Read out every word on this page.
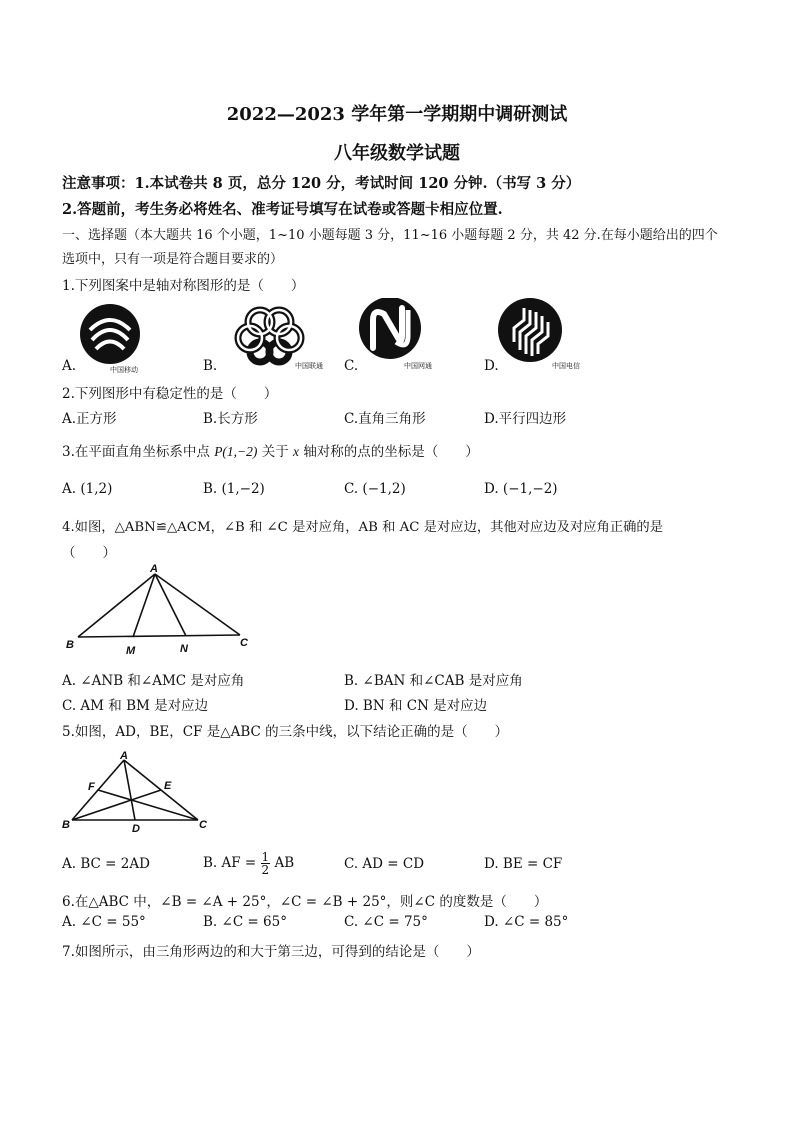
2022—2023 学年第一学期期中调研测试
八年级数学试题
注意事项：1.本试卷共 8 页，总分 120 分，考试时间 120 分钟.（书写 3 分）
2.答题前，考生务必将姓名、准考证号填写在试卷或答题卡相应位置.
一、选择题（本大题共 16 个小题，1~10 小题每题 3 分，11~16 小题每题 2 分，共 42 分.在每小题给出的四个
选项中，只有一项是符合题目要求的）
1.下列图案中是轴对称图形的是（　　）
A.	中国移动	B.	中国联通 C.	中国网通	D.	中国电信
2.下列图形中有稳定性的是（　　）
A.正方形	B.长方形	C.直角三角形	D.平行四边形
3.在平面直角坐标系中点 P(1,−2) 关于 x 轴对称的点的坐标是（　　）
A. (1,2)	B. (1,−2)	C. (−1,2)	D. (−1,−2)
4.如图，△ABN≌△ACM，∠B 和 ∠C 是对应角，AB 和 AC 是对应边，其他对应边及对应角正确的是
（　　）
A
B	M	N	C
A. ∠ANB 和∠AMC 是对应角	B. ∠BAN 和∠CAB 是对应角
C. AM 和 BM 是对应边	D. BN 和 CN 是对应边
5.如图，AD，BE，CF 是△ABC 的三条中线，以下结论正确的是（　　）
A
B	C
D
E
F
A. BC = 2AD	B. AF = $\frac{1}{2}$ AB	C. AD = CD	D. BE = CF
6.在△ABC 中，∠B = ∠A + 25°，∠C = ∠B + 25°，则∠C 的度数是（　　）
A. ∠C = 55°	B. ∠C = 65°	C. ∠C = 75°	D. ∠C = 85°
7.如图所示，由三角形两边的和大于第三边，可得到的结论是（　　）
